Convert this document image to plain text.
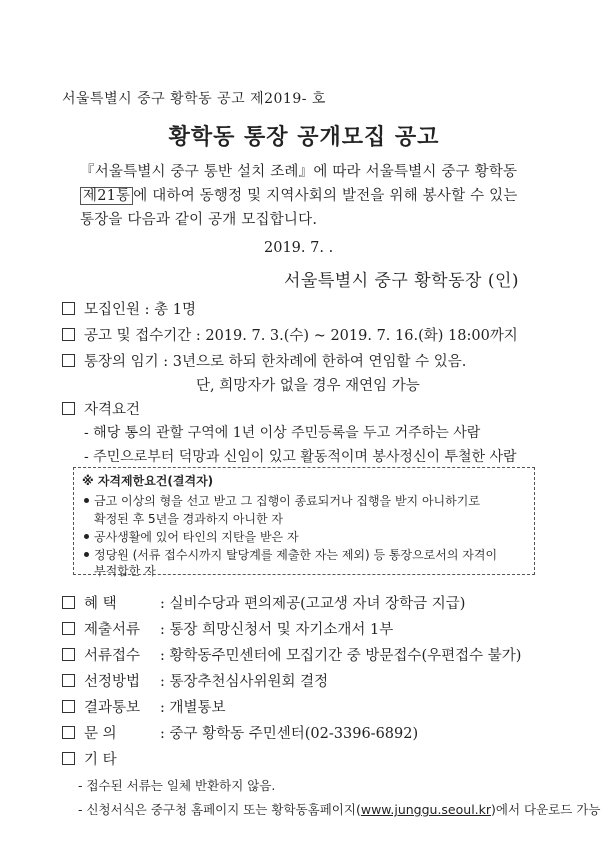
서울특별시 중구 황학동 공고 제2019- 호
황학동 통장 공개모집 공고
『서울특별시 중구 통반 설치 조례』에 따라 서울특별시 중구 황학동
제21통 에 대하여 동행정 및 지역사회의 발전을 위해 봉사할 수 있는
통장을 다음과 같이 공개 모집합니다.
2019. 7. .
서울특별시 중구 황학동장 (인)
모집인원 : 총 1명
공고 및 접수기간 : 2019. 7. 3.(수) ~ 2019. 7. 16.(화) 18:00까지
통장의 임기 : 3년으로 하되 한차례에 한하여 연임할 수 있음.
단, 희망자가 없을 경우 재연임 가능
자격요건
- 해당 통의 관할 구역에 1년 이상 주민등록을 두고 거주하는 사람
- 주민으로부터 덕망과 신임이 있고 활동적이며 봉사정신이 투철한 사람
※ 자격제한요건(결격자)
금고 이상의 형을 선고 받고 그 집행이 종료되거나 집행을 받지 아니하기로
확정된 후 5년을 경과하지 아니한 자
공사생활에 있어 타인의 지탄을 받은 자
정당원 (서류 접수시까지 탈당계를 제출한 자는 제외) 등 통장으로서의 자격이
부적합한 자
혜 택	: 실비수당과 편의제공(고교생 자녀 장학금 지급)
제출서류	: 통장 희망신청서 및 자기소개서 1부
서류접수	: 황학동주민센터에 모집기간 중 방문접수(우편접수 불가)
선정방법	: 통장추천심사위원회 결정
결과통보	: 개별통보
문 의	: 중구 황학동 주민센터(02-3396-6892)
기 타
- 접수된 서류는 일체 반환하지 않음.
- 신청서식은 중구청 홈페이지 또는 황학동홈페이지(www.junggu.seoul.kr)에서 다운로드 가능
